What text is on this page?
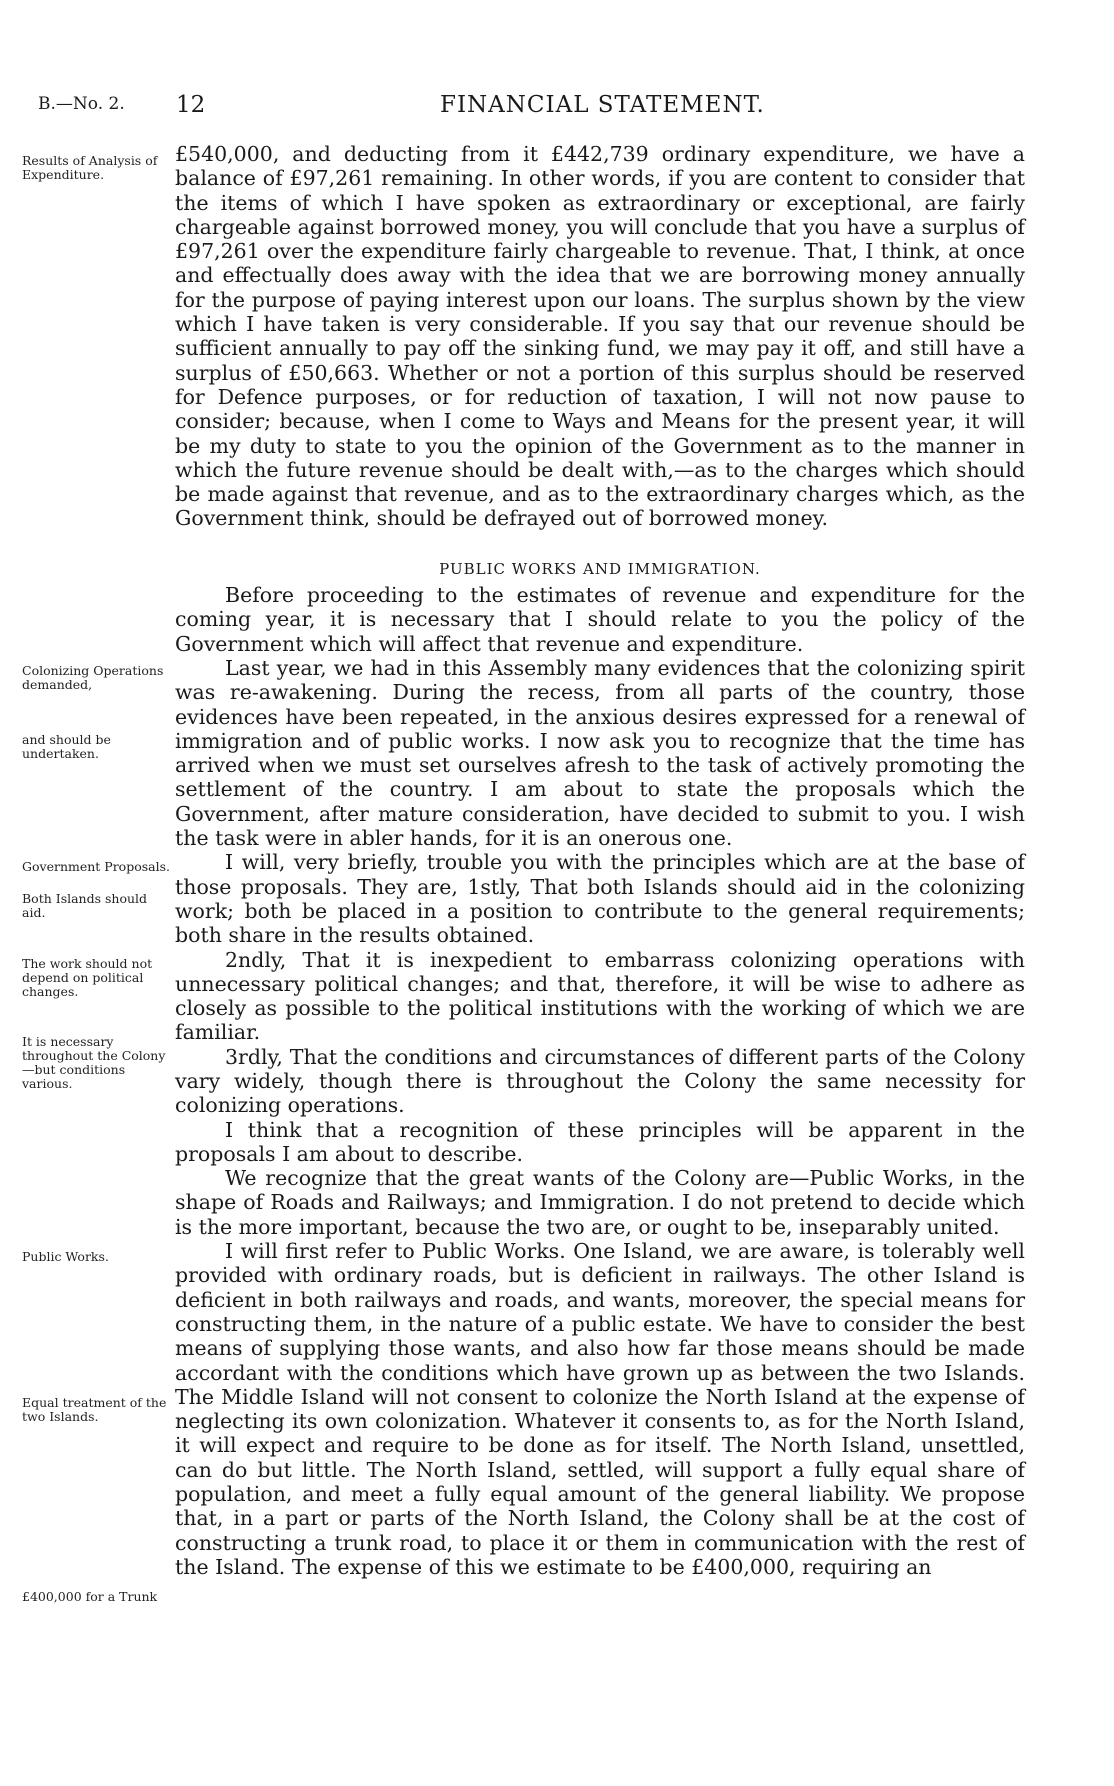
B.—No. 2. 12	FINANCIAL STATEMENT.
Results of Analysis of Expenditure.
Colonizing Operations demanded,
and should be undertaken.
Government Proposals.
Both Islands should aid.
The work should not depend on political changes.
It is necessary throughout the Colony—but conditions various.
Public Works.
Equal treatment of the two Islands.
£400,000 for a Trunk

£540,000, and deducting from it £442,739 ordinary expenditure, we have a balance of £97,261 remaining. In other words, if you are content to consider that the items of which I have spoken as extraordinary or exceptional, are fairly chargeable against borrowed money, you will conclude that you have a surplus of £97,261 over the expenditure fairly chargeable to revenue. That, I think, at once and effectually does away with the idea that we are borrowing money annually for the purpose of paying interest upon our loans. The surplus shown by the view which I have taken is very considerable. If you say that our revenue should be sufficient annually to pay off the sinking fund, we may pay it off, and still have a surplus of £50,663. Whether or not a portion of this surplus should be reserved for Defence purposes, or for reduction of taxation, I will not now pause to consider; because, when I come to Ways and Means for the present year, it will be my duty to state to you the opinion of the Government as to the manner in which the future revenue should be dealt with,—as to the charges which should be made against that revenue, and as to the extraordinary charges which, as the Government think, should be defrayed out of borrowed money.

PUBLIC WORKS AND IMMIGRATION.

Before proceeding to the estimates of revenue and expenditure for the coming year, it is necessary that I should relate to you the policy of the Government which will affect that revenue and expenditure.

Last year, we had in this Assembly many evidences that the colonizing spirit was re-awakening. During the recess, from all parts of the country, those evidences have been repeated, in the anxious desires expressed for a renewal of immigration and of public works. I now ask you to recognize that the time has arrived when we must set ourselves afresh to the task of actively promoting the settlement of the country. I am about to state the proposals which the Government, after mature consideration, have decided to submit to you. I wish the task were in abler hands, for it is an onerous one.

I will, very briefly, trouble you with the principles which are at the base of those proposals. They are, 1stly, That both Islands should aid in the colonizing work; both be placed in a position to contribute to the general requirements; both share in the results obtained.

2ndly, That it is inexpedient to embarrass colonizing operations with unnecessary political changes; and that, therefore, it will be wise to adhere as closely as possible to the political institutions with the working of which we are familiar.

3rdly, That the conditions and circumstances of different parts of the Colony vary widely, though there is throughout the Colony the same necessity for colonizing operations.

I think that a recognition of these principles will be apparent in the proposals I am about to describe.

We recognize that the great wants of the Colony are—Public Works, in the shape of Roads and Railways; and Immigration. I do not pretend to decide which is the more important, because the two are, or ought to be, inseparably united.

I will first refer to Public Works. One Island, we are aware, is tolerably well provided with ordinary roads, but is deficient in railways. The other Island is deficient in both railways and roads, and wants, moreover, the special means for constructing them, in the nature of a public estate. We have to consider the best means of supplying those wants, and also how far those means should be made accordant with the conditions which have grown up as between the two Islands. The Middle Island will not consent to colonize the North Island at the expense of neglecting its own colonization. Whatever it consents to, as for the North Island, it will expect and require to be done as for itself. The North Island, unsettled, can do but little. The North Island, settled, will support a fully equal share of population, and meet a fully equal amount of the general liability. We propose that, in a part or parts of the North Island, the Colony shall be at the cost of constructing a trunk road, to place it or them in communication with the rest of the Island. The expense of this we estimate to be £400,000, requiring an
